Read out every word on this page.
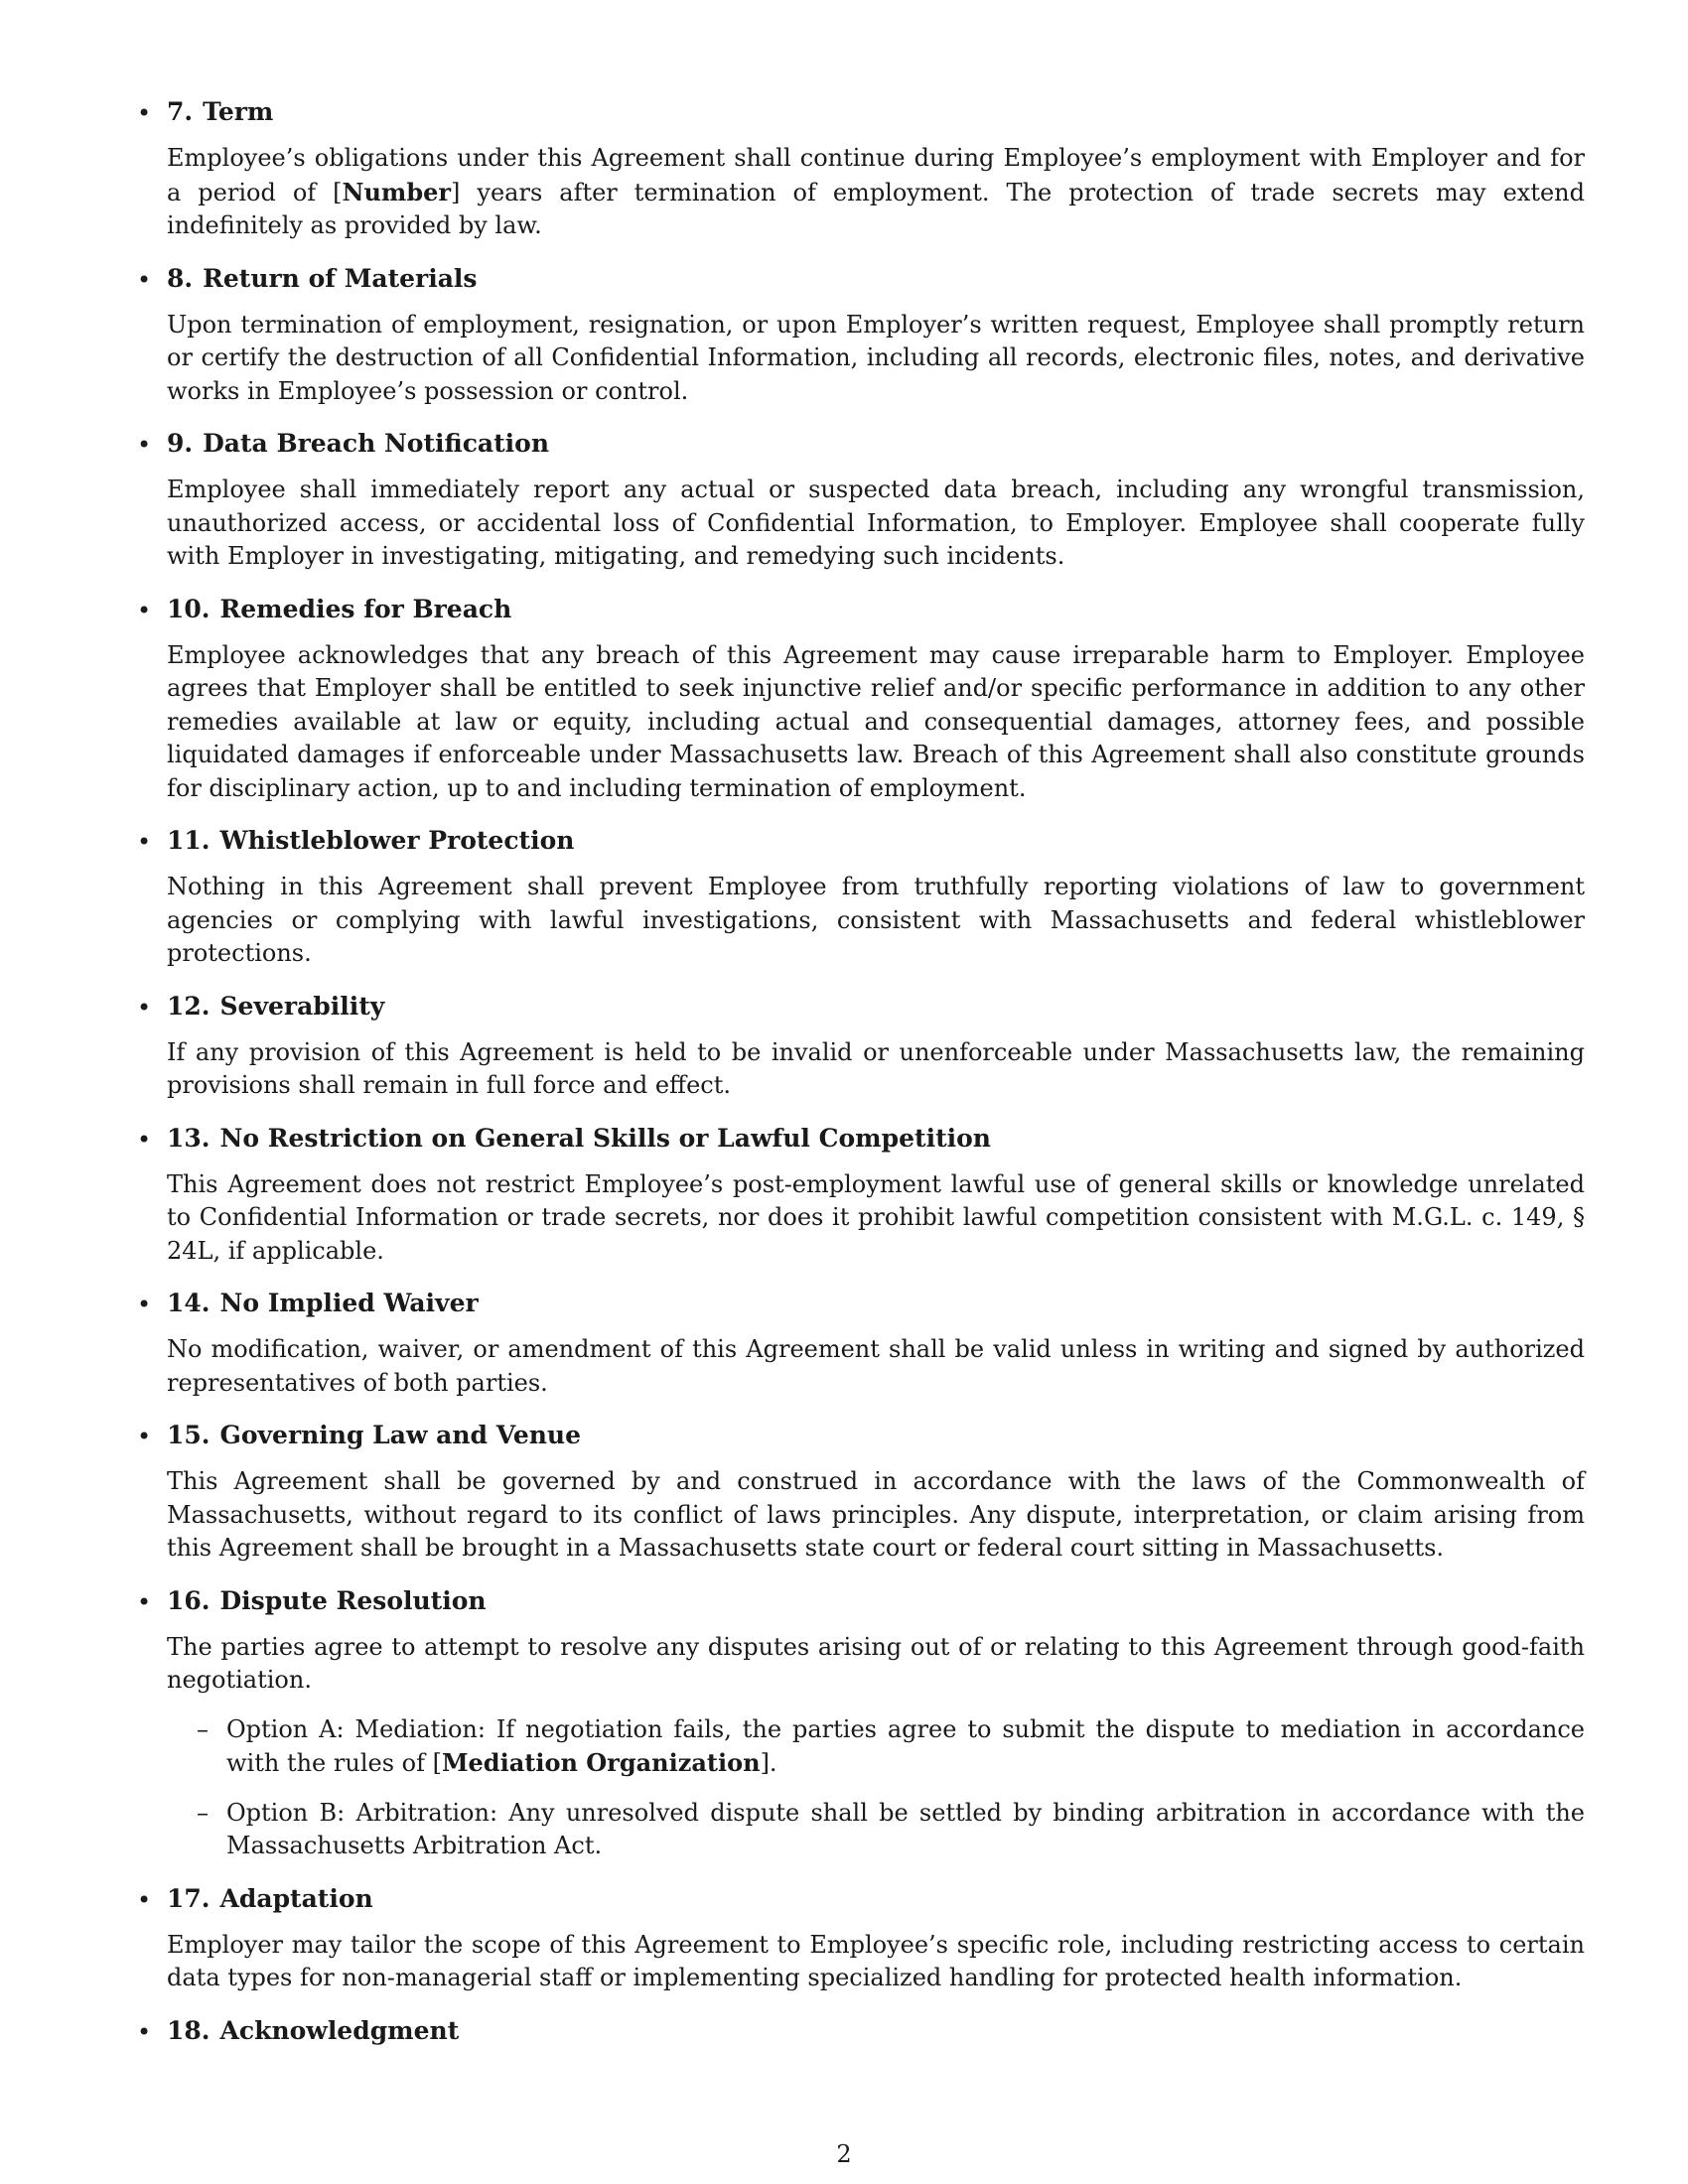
• 7. Term

Employee’s obligations under this Agreement shall continue during Employee’s employment with Employer and for a period of [Number] years after termination of employment. The protection of trade secrets may extend indefinitely as provided by law.

• 8. Return of Materials

Upon termination of employment, resignation, or upon Employer’s written request, Employee shall promptly return or certify the destruction of all Confidential Information, including all records, electronic files, notes, and derivative works in Employee’s possession or control.

• 9. Data Breach Notification

Employee shall immediately report any actual or suspected data breach, including any wrongful transmission, unauthorized access, or accidental loss of Confidential Information, to Employer. Employee shall cooperate fully with Employer in investigating, mitigating, and remedying such incidents.

• 10. Remedies for Breach

Employee acknowledges that any breach of this Agreement may cause irreparable harm to Employer. Employee agrees that Employer shall be entitled to seek injunctive relief and/or specific performance in addition to any other remedies available at law or equity, including actual and consequential damages, attorney fees, and possible liquidated damages if enforceable under Massachusetts law. Breach of this Agreement shall also constitute grounds for disciplinary action, up to and including termination of employment.

• 11. Whistleblower Protection

Nothing in this Agreement shall prevent Employee from truthfully reporting violations of law to government agencies or complying with lawful investigations, consistent with Massachusetts and federal whistleblower protections.

• 12. Severability

If any provision of this Agreement is held to be invalid or unenforceable under Massachusetts law, the remaining provisions shall remain in full force and effect.

• 13. No Restriction on General Skills or Lawful Competition

This Agreement does not restrict Employee’s post-employment lawful use of general skills or knowledge unrelated to Confidential Information or trade secrets, nor does it prohibit lawful competition consistent with M.G.L. c. 149, § 24L, if applicable.

• 14. No Implied Waiver

No modification, waiver, or amendment of this Agreement shall be valid unless in writing and signed by authorized representatives of both parties.

• 15. Governing Law and Venue

This Agreement shall be governed by and construed in accordance with the laws of the Commonwealth of Massachusetts, without regard to its conflict of laws principles. Any dispute, interpretation, or claim arising from this Agreement shall be brought in a Massachusetts state court or federal court sitting in Massachusetts.

• 16. Dispute Resolution

The parties agree to attempt to resolve any disputes arising out of or relating to this Agreement through good-faith negotiation.

– Option A: Mediation: If negotiation fails, the parties agree to submit the dispute to mediation in accordance with the rules of [Mediation Organization].

– Option B: Arbitration: Any unresolved dispute shall be settled by binding arbitration in accordance with the Massachusetts Arbitration Act.

• 17. Adaptation

Employer may tailor the scope of this Agreement to Employee’s specific role, including restricting access to certain data types for non-managerial staff or implementing specialized handling for protected health information.

• 18. Acknowledgment
2
